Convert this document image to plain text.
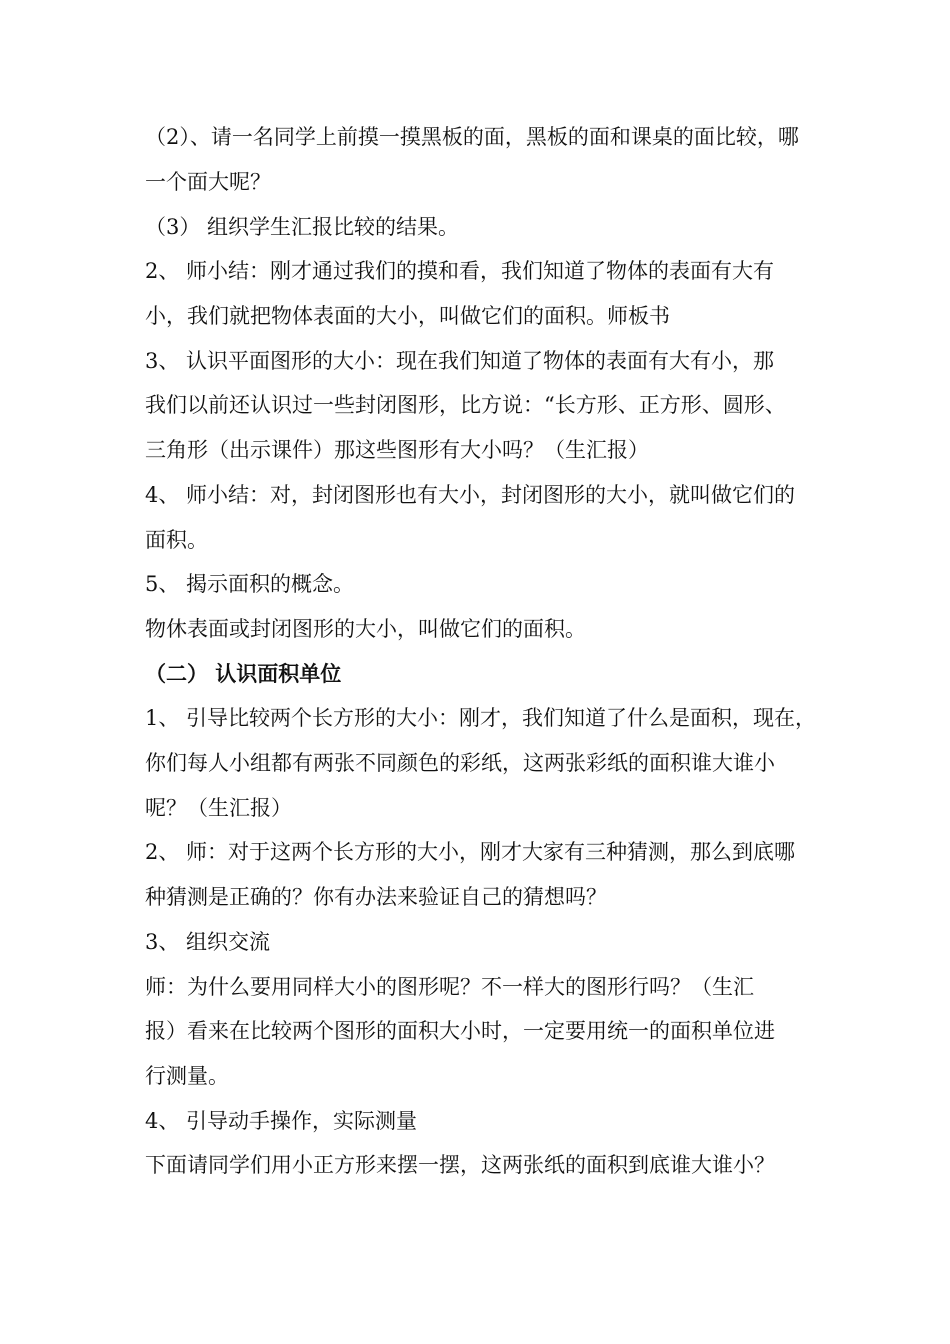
（2）、请一名同学上前摸一摸黑板的面，黑板的面和课桌的面比较，哪
一个面大呢？
（3） 组织学生汇报比较的结果。
2、 师小结：刚才通过我们的摸和看，我们知道了物体的表面有大有
小，我们就把物体表面的大小，叫做它们的面积。师板书
3、 认识平面图形的大小：现在我们知道了物体的表面有大有小，那
我们以前还认识过一些封闭图形，比方说：“长方形、正方形、圆形、
三角形（出示课件）那这些图形有大小吗？（生汇报）
4、 师小结：对，封闭图形也有大小，封闭图形的大小，就叫做它们的
面积。
5、 揭示面积的概念。
物休表面或封闭图形的大小，叫做它们的面积。
（二） 认识面积单位
1、 引导比较两个长方形的大小：刚才，我们知道了什么是面积，现在，
你们每人小组都有两张不同颜色的彩纸，这两张彩纸的面积谁大谁小
呢？（生汇报）
2、 师：对于这两个长方形的大小，刚才大家有三种猜测，那么到底哪
种猜测是正确的？你有办法来验证自己的猜想吗？
3、 组织交流
师：为什么要用同样大小的图形呢？不一样大的图形行吗？（生汇
报）看来在比较两个图形的面积大小时，一定要用统一的面积单位进
行测量。
4、 引导动手操作，实际测量
下面请同学们用小正方形来摆一摆，这两张纸的面积到底谁大谁小？
